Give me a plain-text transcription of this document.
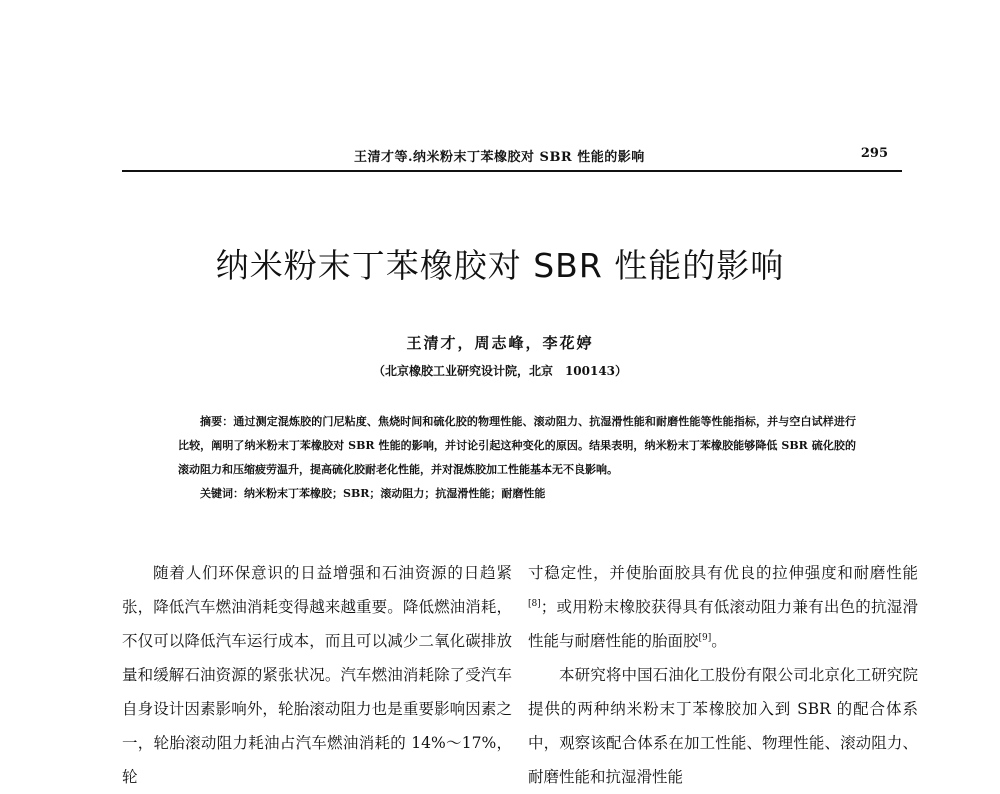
王清才等.纳米粉末丁苯橡胶对 SBR 性能的影响	295
纳米粉末丁苯橡胶对 SBR 性能的影响
王清才，周志峰，李花婷
（北京橡胶工业研究设计院，北京　100143）

摘要：通过测定混炼胶的门尼粘度、焦烧时间和硫化胶的物理性能、滚动阻力、抗湿滑性能和耐磨性能等性能指标，并与空白试样进行比较，阐明了纳米粉末丁苯橡胶对 SBR 性能的影响，并讨论引起这种变化的原因。结果表明，纳米粉末丁苯橡胶能够降低 SBR 硫化胶的滚动阻力和压缩疲劳温升，提高硫化胶耐老化性能，并对混炼胶加工性能基本无不良影响。

关键词：纳米粉末丁苯橡胶；SBR；滚动阻力；抗湿滑性能；耐磨性能

随着人们环保意识的日益增强和石油资源的日趋紧张，降低汽车燃油消耗变得越来越重要。降低燃油消耗，不仅可以降低汽车运行成本，而且可以减少二氧化碳排放量和缓解石油资源的紧张状况。汽车燃油消耗除了受汽车自身设计因素影响外，轮胎滚动阻力也是重要影响因素之一，轮胎滚动阻力耗油占汽车燃油消耗的 14%～17%，轮

寸稳定性，并使胎面胶具有优良的拉伸强度和耐磨性能[8]；或用粉末橡胶获得具有低滚动阻力兼有出色的抗湿滑性能与耐磨性能的胎面胶[9]。

本研究将中国石油化工股份有限公司北京化工研究院提供的两种纳米粉末丁苯橡胶加入到 SBR 的配合体系中，观察该配合体系在加工性能、物理性能、滚动阻力、耐磨性能和抗湿滑性能
